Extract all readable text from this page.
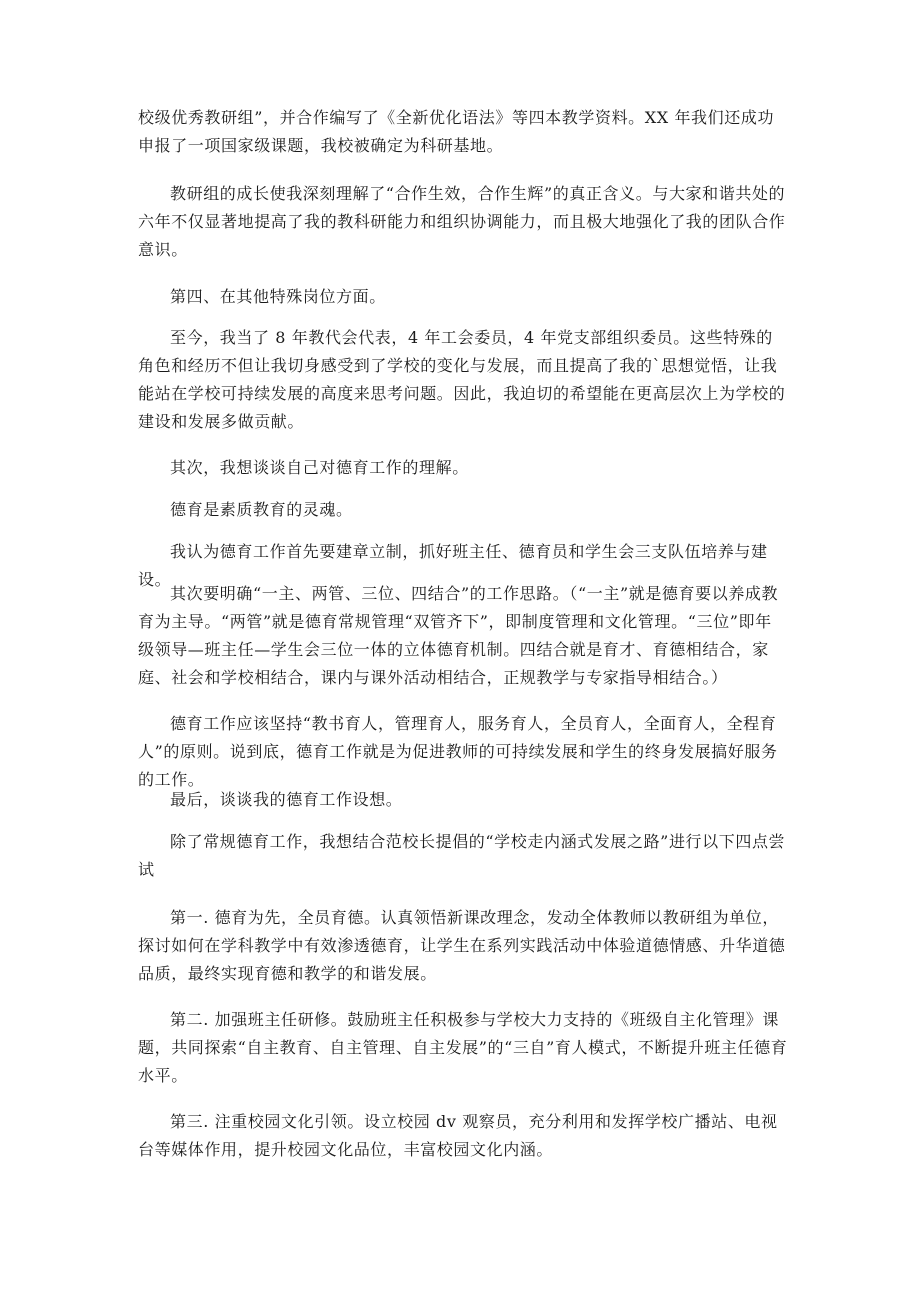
校级优秀教研组”，并合作编写了《全新优化语法》等四本教学资料。XX 年我们还成功申报了一项国家级课题，我校被确定为科研基地。

教研组的成长使我深刻理解了“合作生效，合作生辉”的真正含义。与大家和谐共处的六年不仅显著地提高了我的教科研能力和组织协调能力，而且极大地强化了我的团队合作意识。

第四、在其他特殊岗位方面。

至今，我当了 8 年教代会代表，4 年工会委员，4 年党支部组织委员。这些特殊的角色和经历不但让我切身感受到了学校的变化与发展，而且提高了我的`思想觉悟，让我能站在学校可持续发展的高度来思考问题。因此，我迫切的希望能在更高层次上为学校的建设和发展多做贡献。

其次，我想谈谈自己对德育工作的理解。

德育是素质教育的灵魂。

我认为德育工作首先要建章立制，抓好班主任、德育员和学生会三支队伍培养与建设。

其次要明确“一主、两管、三位、四结合”的工作思路。（“一主”就是德育要以养成教育为主导。“两管”就是德育常规管理“双管齐下”，即制度管理和文化管理。“三位”即年级领导—班主任—学生会三位一体的立体德育机制。四结合就是育才、育德相结合，家庭、社会和学校相结合，课内与课外活动相结合，正规教学与专家指导相结合。）

德育工作应该坚持“教书育人，管理育人，服务育人，全员育人，全面育人，全程育人”的原则。说到底，德育工作就是为促进教师的可持续发展和学生的终身发展搞好服务的工作。

最后，谈谈我的德育工作设想。

除了常规德育工作，我想结合范校长提倡的“学校走内涵式发展之路”进行以下四点尝试

第一. 德育为先，全员育德。认真领悟新课改理念，发动全体教师以教研组为单位，探讨如何在学科教学中有效渗透德育，让学生在系列实践活动中体验道德情感、升华道德品质，最终实现育德和教学的和谐发展。

第二. 加强班主任研修。鼓励班主任积极参与学校大力支持的《班级自主化管理》课题，共同探索“自主教育、自主管理、自主发展”的“三自”育人模式，不断提升班主任德育水平。

第三. 注重校园文化引领。设立校园 dv 观察员，充分利用和发挥学校广播站、电视台等媒体作用，提升校园文化品位，丰富校园文化内涵。
